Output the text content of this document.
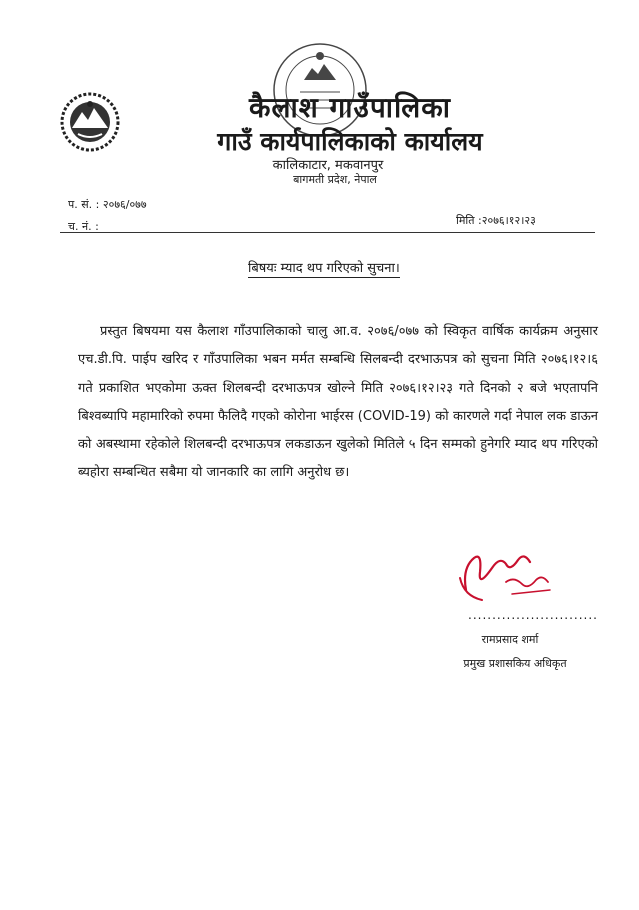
कैलाश गाउँपालिका
गाउँ कार्यपालिकाको कार्यालय
कालिकाटार, मकवानपुर
बागमती प्रदेश, नेपाल
प. सं. : २०७६/०७७
च. नं. :	मिति :२०७६।१२।२३
बिषयः म्याद थप गरिएको सुचना।
प्रस्तुत बिषयमा यस कैलाश गाँउपालिकाको चालु आ.व. २०७६/०७७ को स्विकृत वार्षिक कार्यक्रम अनुसार एच.डी.पि. पाईप खरिद र गाँउपालिका भबन मर्मत सम्बन्धि सिलबन्दी दरभाऊपत्र को सुचना मिति २०७६।१२।६ गते प्रकाशित भएकोमा ऊक्त शिलबन्दी दरभाऊपत्र खोल्ने मिति २०७६।१२।२३ गते दिनको २ बजे भएतापनि बिश्वब्यापि महामारिको रुपमा फैलिदै गएको कोरोना भाईरस (COVID-19) को कारणले गर्दा नेपाल लक डाऊन को अबस्थामा रहेकोले शिलबन्दी दरभाऊपत्र लकडाऊन खुलेको मितिले ५ दिन सम्मको हुनेगरि म्याद थप गरिएको ब्यहोरा सम्बन्धित सबैमा यो जानकारि का लागि अनुरोध छ।
...........................
रामप्रसाद शर्मा
प्रमुख प्रशासकिय अधिकृत
